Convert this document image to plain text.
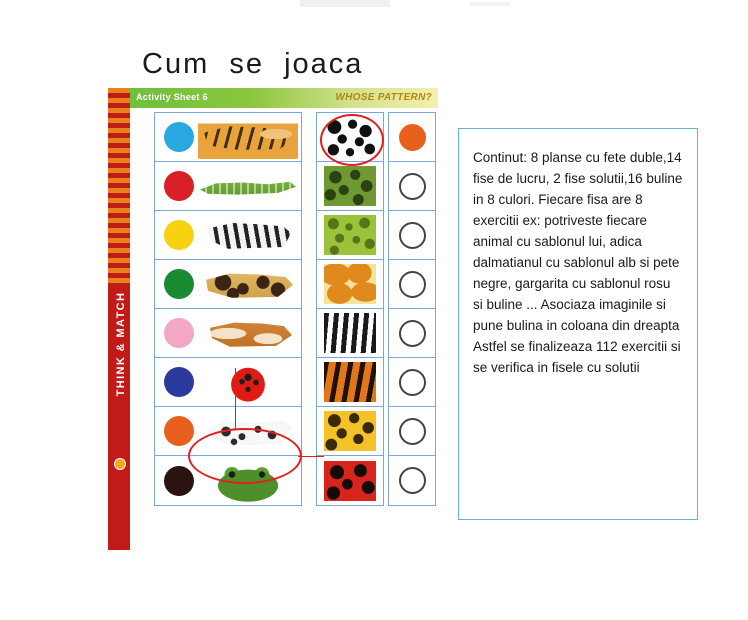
Cum  se  joaca
THINK & MATCH
Activity Sheet 6	WHOSE PATTERN?

Continut: 8 planse cu fete duble,14 fise de lucru, 2 fise solutii,16 buline in 8 culori. Fiecare fisa are 8 exercitii ex: potriveste fiecare animal cu sablonul lui, adica dalmatianul cu sablonul alb si pete negre, gargarita cu sablonul rosu si buline ... Asociaza imaginile si pune bulina in coloana din dreapta Astfel se finalizeaza 112 exercitii si se verifica in fisele cu solutii
